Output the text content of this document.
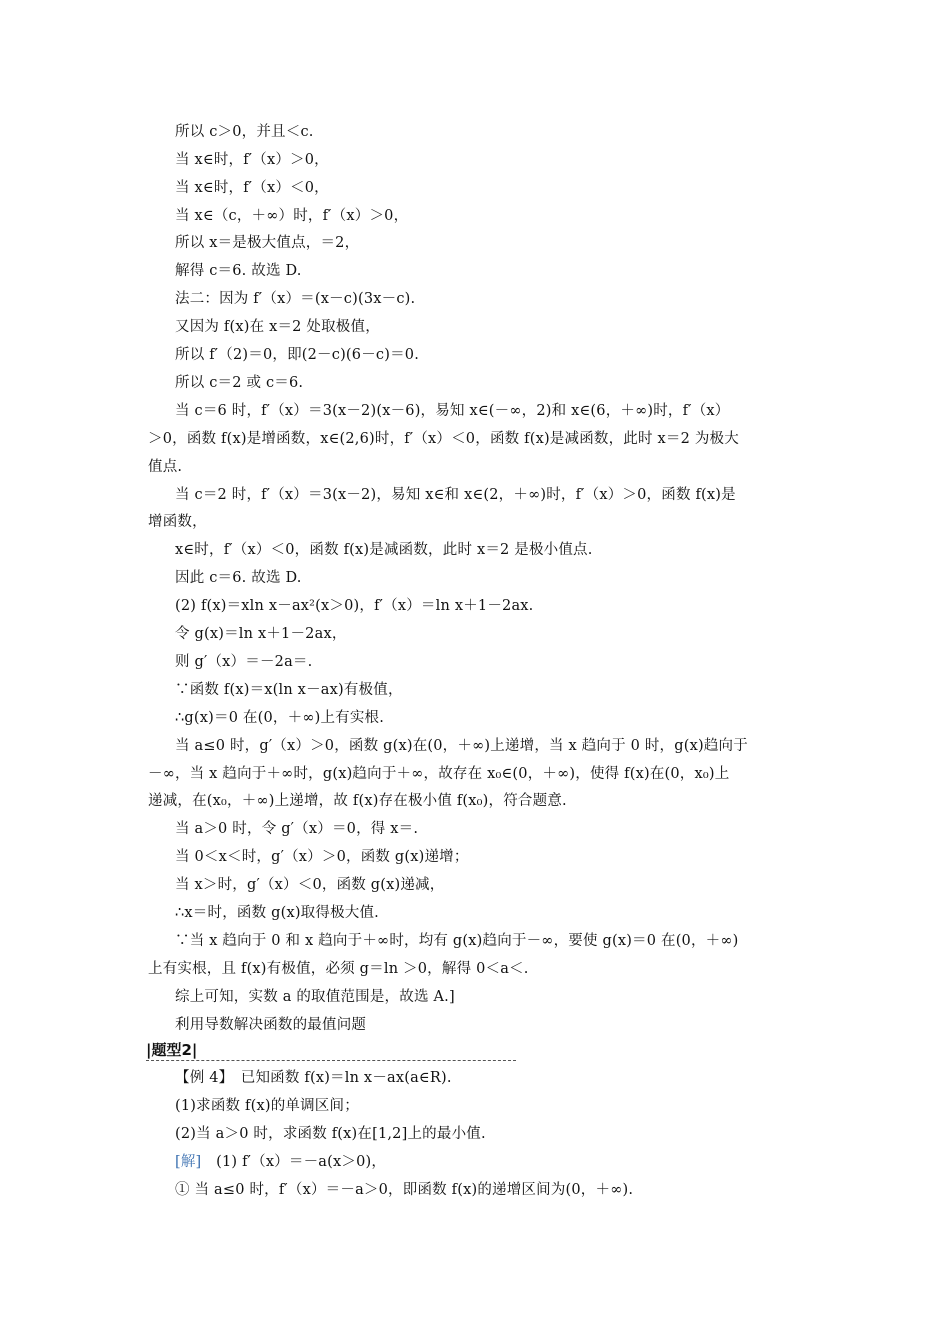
所以 c＞0，并且＜c.
当 x∈时，f′（x）＞0，
当 x∈时，f′（x）＜0，
当 x∈（c，＋∞）时，f′（x）＞0，
所以 x＝是极大值点，＝2，
解得 c＝6. 故选 D.
法二：因为 f′（x）＝(x－c)(3x－c).
又因为 f(x)在 x＝2 处取极值，
所以 f′（2)＝0，即(2－c)(6－c)＝0.
所以 c＝2 或 c＝6.
当 c＝6 时，f′（x）＝3(x－2)(x－6)，易知 x∈(－∞，2)和 x∈(6，＋∞)时，f′（x）
＞0，函数 f(x)是增函数，x∈(2,6)时，f′（x）＜0，函数 f(x)是减函数，此时 x＝2 为极大
值点.
当 c＝2 时，f′（x）＝3(x－2)，易知 x∈和 x∈(2，＋∞)时，f′（x）＞0，函数 f(x)是
增函数，
x∈时，f′（x）＜0，函数 f(x)是减函数，此时 x＝2 是极小值点.
因此 c＝6. 故选 D.
(2) f(x)＝xln x－ax²(x＞0)，f′（x）＝ln x＋1－2ax.
令 g(x)＝ln x＋1－2ax，
则 g′（x）＝－2a＝.
∵函数 f(x)＝x(ln x－ax)有极值，
∴g(x)＝0 在(0，＋∞)上有实根.
当 a≤0 时，g′（x）＞0，函数 g(x)在(0，＋∞)上递增，当 x 趋向于 0 时，g(x)趋向于
－∞，当 x 趋向于＋∞时，g(x)趋向于＋∞，故存在 x₀∈(0，＋∞)，使得 f(x)在(0，x₀)上
递减，在(x₀，＋∞)上递增，故 f(x)存在极小值 f(x₀)，符合题意.
当 a＞0 时，令 g′（x）＝0，得 x＝.
当 0＜x＜时，g′（x）＞0，函数 g(x)递增；
当 x＞时，g′（x）＜0，函数 g(x)递减，
∴x＝时，函数 g(x)取得极大值.
∵当 x 趋向于 0 和 x 趋向于＋∞时，均有 g(x)趋向于－∞，要使 g(x)＝0 在(0，＋∞)
上有实根，且 f(x)有极值，必须 g＝ln ＞0，解得 0＜a＜.
综上可知，实数 a 的取值范围是，故选 A.]
利用导数解决函数的最值问题
|题型2|
【例 4】　已知函数 f(x)＝ln x－ax(a∈R).
(1)求函数 f(x)的单调区间；
(2)当 a＞0 时，求函数 f(x)在[1,2]上的最小值.
[解]　(1) f′（x）＝－a(x＞0)，
① 当 a≤0 时，f′（x）＝－a＞0，即函数 f(x)的递增区间为(0，＋∞).
